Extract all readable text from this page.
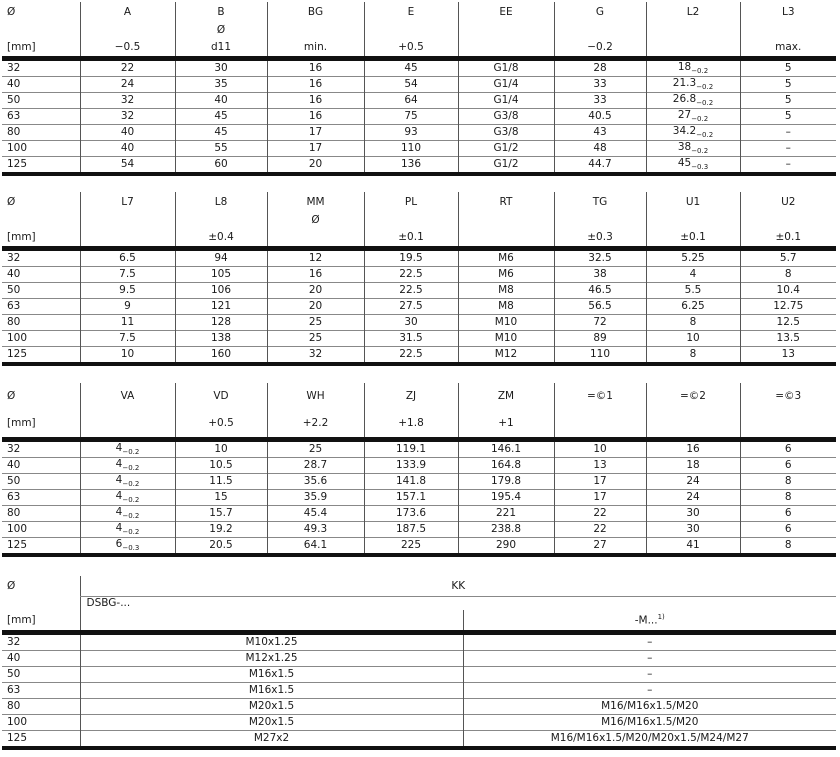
Ø	A	B	BG	E	EE	G	L2	L3
		Ø						
[mm]	−0.5	d11	min.	+0.5		−0.2		max.

32	22	30	16	45	G1/8	28	$18_{-0.2}$	5
40	24	35	16	54	G1/4	33	$21.3_{-0.2}$	5
50	32	40	16	64	G1/4	33	$26.8_{-0.2}$	5
63	32	45	16	75	G3/8	40.5	$27_{-0.2}$	5
80	40	45	17	93	G3/8	43	$34.2_{-0.2}$	–
100	40	55	17	110	G1/2	48	$38_{-0.2}$	–
125	54	60	20	136	G1/2	44.7	$45_{-0.3}$	–

Ø	L7	L8	MM	PL	RT	TG	U1	U2
			Ø					
[mm]		±0.4		±0.1		±0.3	±0.1	±0.1

32	6.5	94	12	19.5	M6	32.5	5.25	5.7
40	7.5	105	16	22.5	M6	38	4	8
50	9.5	106	20	22.5	M8	46.5	5.5	10.4
63	9	121	20	27.5	M8	56.5	6.25	12.75
80	11	128	25	30	M10	72	8	12.5
100	7.5	138	25	31.5	M10	89	10	13.5
125	10	160	32	22.5	M12	110	8	13

Ø	VA	VD	WH	ZJ	ZM	=©1	=©2	=©3
[mm]		+0.5	+2.2	+1.8	+1			

32	$4_{-0.2}$	10	25	119.1	146.1	10	16	6
40	$4_{-0.2}$	10.5	28.7	133.9	164.8	13	18	6
50	$4_{-0.2}$	11.5	35.6	141.8	179.8	17	24	8
63	$4_{-0.2}$	15	35.9	157.1	195.4	17	24	8
80	$4_{-0.2}$	15.7	45.4	173.6	221	22	30	6
100	$4_{-0.2}$	19.2	49.3	187.5	238.8	22	30	6
125	$6_{-0.3}$	20.5	64.1	225	290	27	41	8

Ø	KK	
	DSBG-...	
[mm]		-M...$^{1)}$

32	M10x1.25	–
40	M12x1.25	–
50	M16x1.5	–
63	M16x1.5	–
80	M20x1.5	M16/M16x1.5/M20
100	M20x1.5	M16/M16x1.5/M20
125	M27x2	M16/M16x1.5/M20/M20x1.5/M24/M27
